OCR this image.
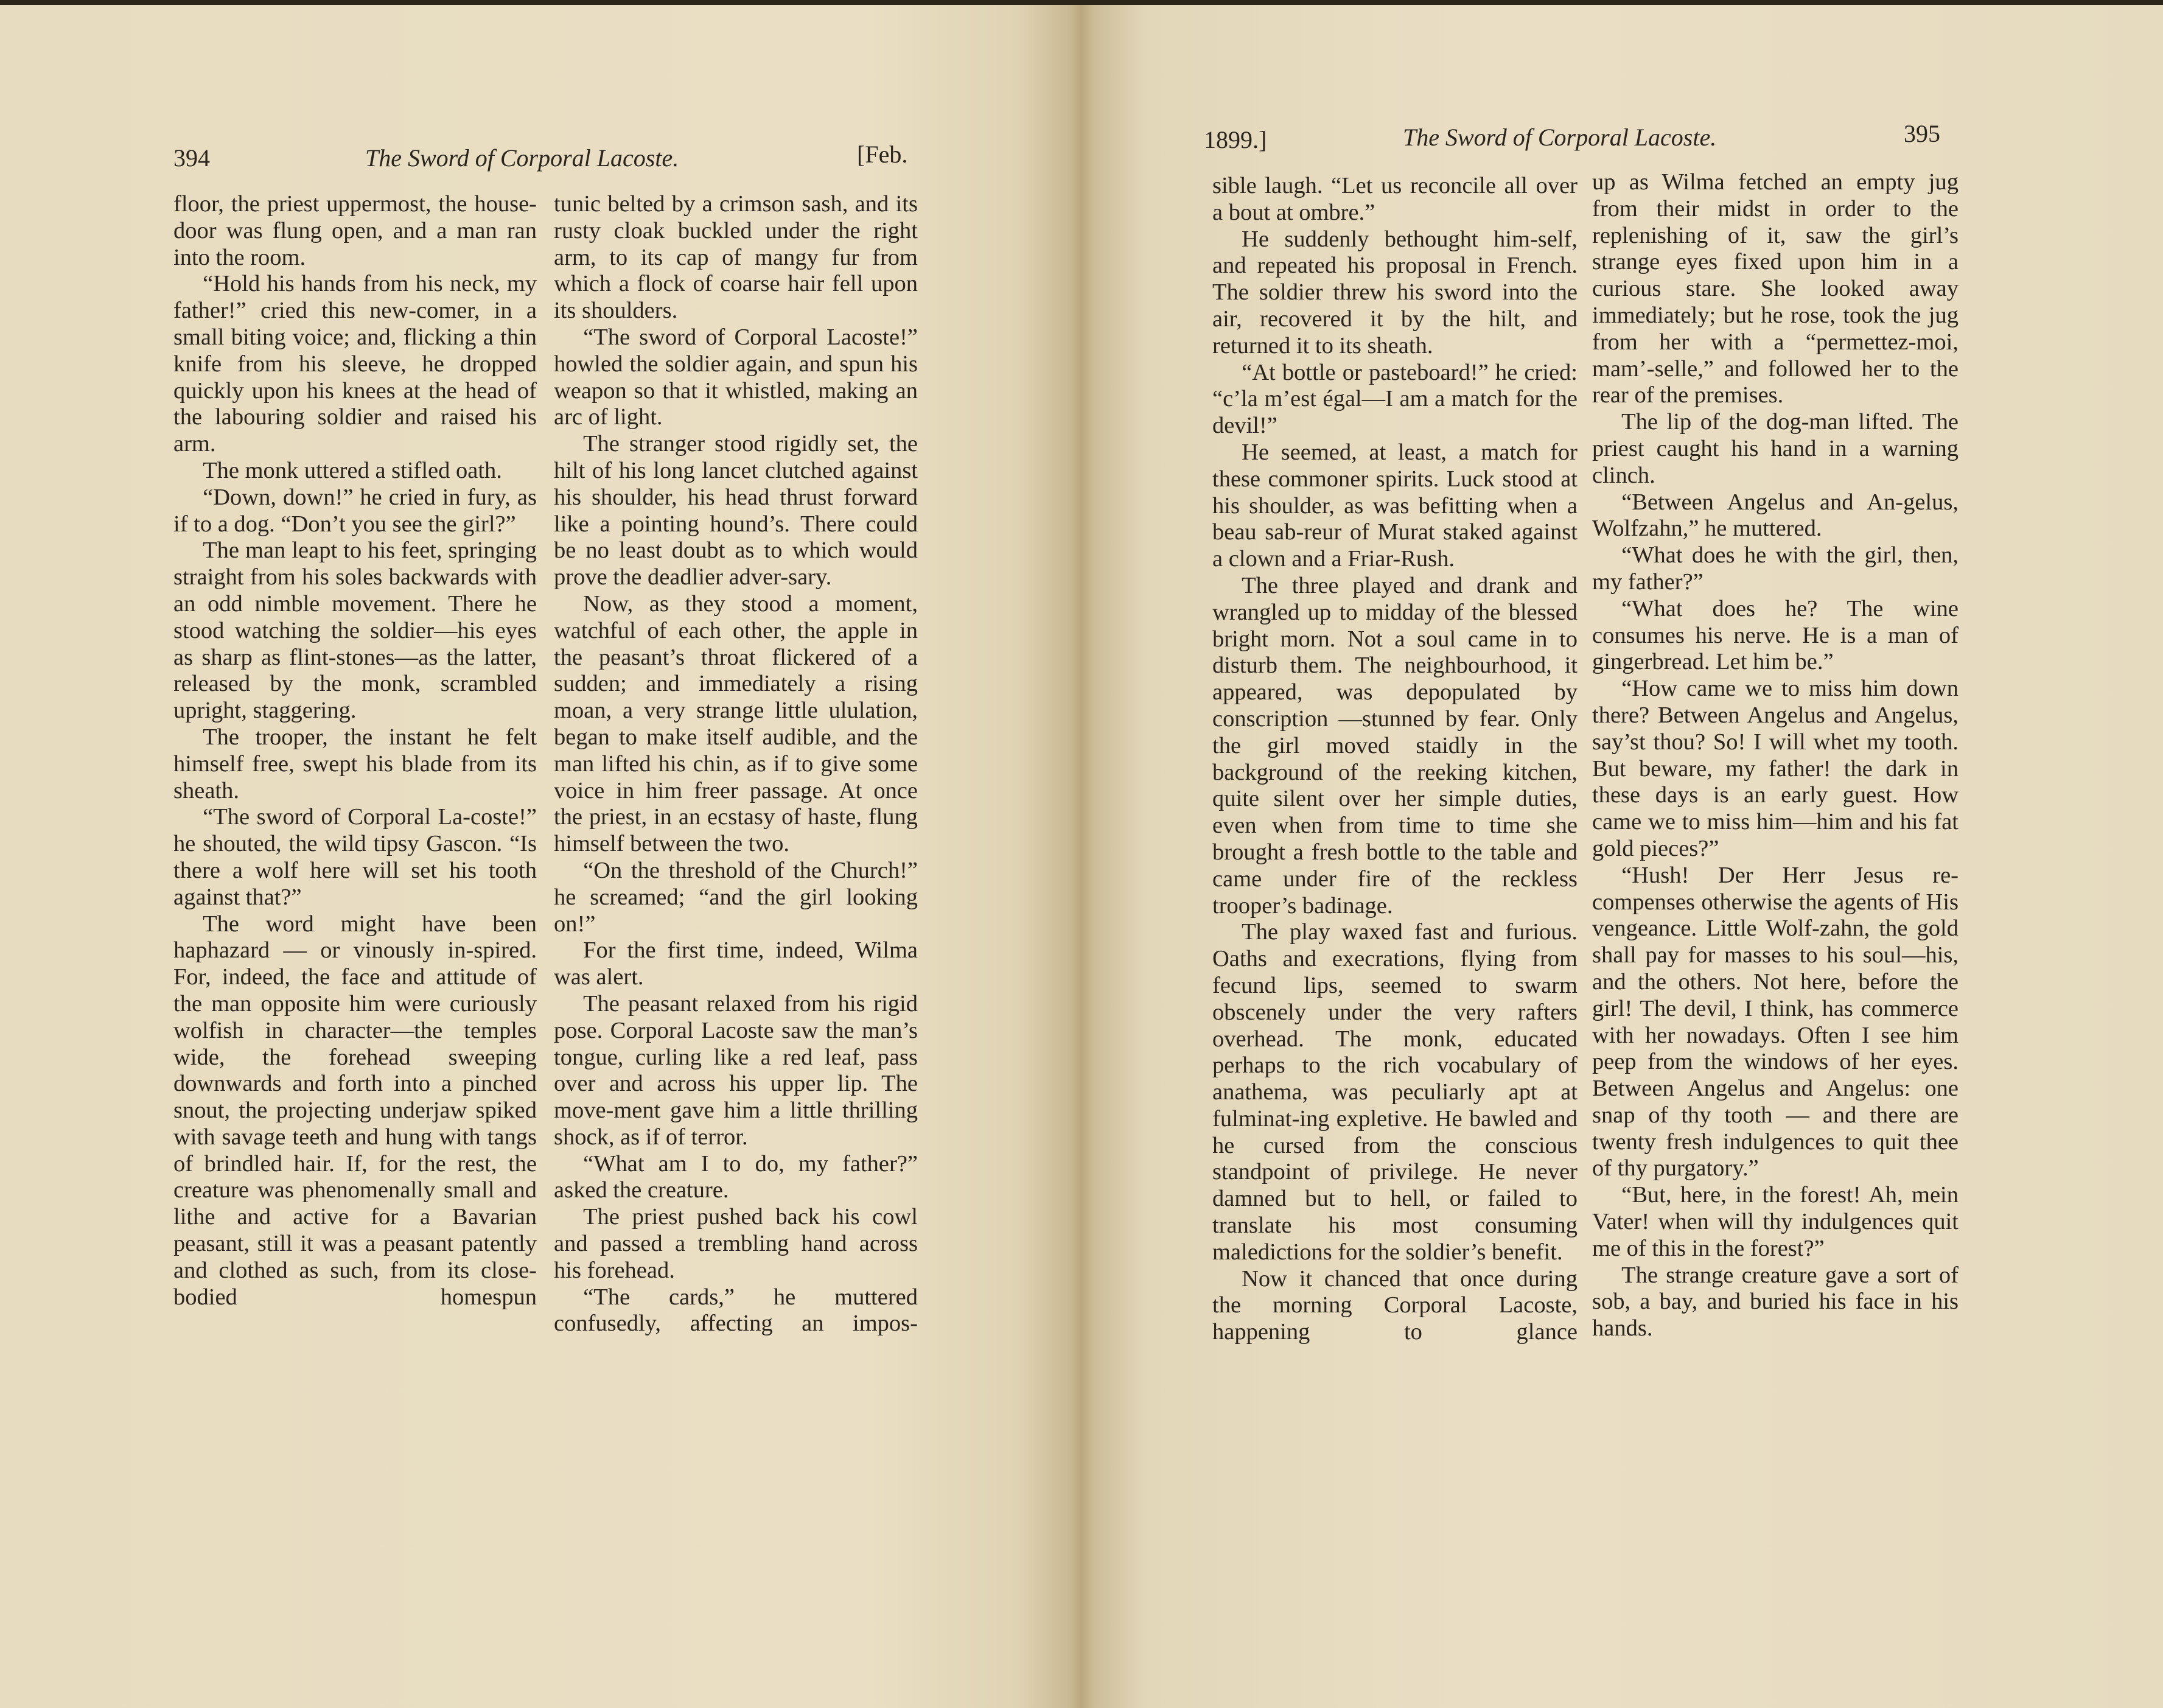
394	The Sword of Corporal Lacoste.	[Feb.

floor, the priest uppermost, the house-door was flung open, and a man ran into the room.

“Hold his hands from his neck, my father!” cried this new-comer, in a small biting voice; and, flicking a thin knife from his sleeve, he dropped quickly upon his knees at the head of the labouring soldier and raised his arm.

The monk uttered a stifled oath.

“Down, down!” he cried in fury, as if to a dog. “Don’t you see the girl?”

The man leapt to his feet, springing straight from his soles backwards with an odd nimble movement. There he stood watching the soldier—his eyes as sharp as flint-stones—as the latter, released by the monk, scrambled upright, staggering.

The trooper, the instant he felt himself free, swept his blade from its sheath.

“The sword of Corporal La-coste!” he shouted, the wild tipsy Gascon. “Is there a wolf here will set his tooth against that?”

The word might have been haphazard — or vinously in-spired. For, indeed, the face and attitude of the man opposite him were curiously wolfish in character—the temples wide, the forehead sweeping downwards and forth into a pinched snout, the projecting underjaw spiked with savage teeth and hung with tangs of brindled hair. If, for the rest, the creature was phenomenally small and lithe and active for a Bavarian peasant, still it was a peasant patently and clothed as such, from its close-bodied homespun

tunic belted by a crimson sash, and its rusty cloak buckled under the right arm, to its cap of mangy fur from which a flock of coarse hair fell upon its shoulders.

“The sword of Corporal Lacoste!” howled the soldier again, and spun his weapon so that it whistled, making an arc of light.

The stranger stood rigidly set, the hilt of his long lancet clutched against his shoulder, his head thrust forward like a pointing hound’s. There could be no least doubt as to which would prove the deadlier adver-sary.

Now, as they stood a moment, watchful of each other, the apple in the peasant’s throat flickered of a sudden; and immediately a rising moan, a very strange little ululation, began to make itself audible, and the man lifted his chin, as if to give some voice in him freer passage. At once the priest, in an ecstasy of haste, flung himself between the two.

“On the threshold of the Church!” he screamed; “and the girl looking on!”

For the first time, indeed, Wilma was alert.

The peasant relaxed from his rigid pose. Corporal Lacoste saw the man’s tongue, curling like a red leaf, pass over and across his upper lip. The move-ment gave him a little thrilling shock, as if of terror.

“What am I to do, my father?” asked the creature.

The priest pushed back his cowl and passed a trembling hand across his forehead.

“The cards,” he muttered confusedly, affecting an impos-

1899.]	The Sword of Corporal Lacoste.	395

sible laugh. “Let us reconcile all over a bout at ombre.”

He suddenly bethought him-self, and repeated his proposal in French. The soldier threw his sword into the air, recovered it by the hilt, and returned it to its sheath.

“At bottle or pasteboard!” he cried: “c’la m’est égal—I am a match for the devil!”

He seemed, at least, a match for these commoner spirits. Luck stood at his shoulder, as was befitting when a beau sab-reur of Murat staked against a clown and a Friar-Rush.

The three played and drank and wrangled up to midday of the blessed bright morn. Not a soul came in to disturb them. The neighbourhood, it appeared, was depopulated by conscription —stunned by fear. Only the girl moved staidly in the background of the reeking kitchen, quite silent over her simple duties, even when from time to time she brought a fresh bottle to the table and came under fire of the reckless trooper’s badinage.

The play waxed fast and furious. Oaths and execrations, flying from fecund lips, seemed to swarm obscenely under the very rafters overhead. The monk, educated perhaps to the rich vocabulary of anathema, was peculiarly apt at fulminat-ing expletive. He bawled and he cursed from the conscious standpoint of privilege. He never damned but to hell, or failed to translate his most consuming maledictions for the soldier’s benefit.

Now it chanced that once during the morning Corporal Lacoste, happening to glance

up as Wilma fetched an empty jug from their midst in order to the replenishing of it, saw the girl’s strange eyes fixed upon him in a curious stare. She looked away immediately; but he rose, took the jug from her with a “permettez-moi, mam’-selle,” and followed her to the rear of the premises.

The lip of the dog-man lifted. The priest caught his hand in a warning clinch.

“Between Angelus and An-gelus, Wolfzahn,” he muttered.

“What does he with the girl, then, my father?”

“What does he? The wine consumes his nerve. He is a man of gingerbread. Let him be.”

“How came we to miss him down there? Between Angelus and Angelus, say’st thou? So! I will whet my tooth. But beware, my father! the dark in these days is an early guest. How came we to miss him—him and his fat gold pieces?”

“Hush! Der Herr Jesus re-compenses otherwise the agents of His vengeance. Little Wolf-zahn, the gold shall pay for masses to his soul—his, and the others. Not here, before the girl! The devil, I think, has commerce with her nowadays. Often I see him peep from the windows of her eyes. Between Angelus and Angelus: one snap of thy tooth — and there are twenty fresh indulgences to quit thee of thy purgatory.”

“But, here, in the forest! Ah, mein Vater! when will thy indulgences quit me of this in the forest?”

The strange creature gave a sort of sob, a bay, and buried his face in his hands.
